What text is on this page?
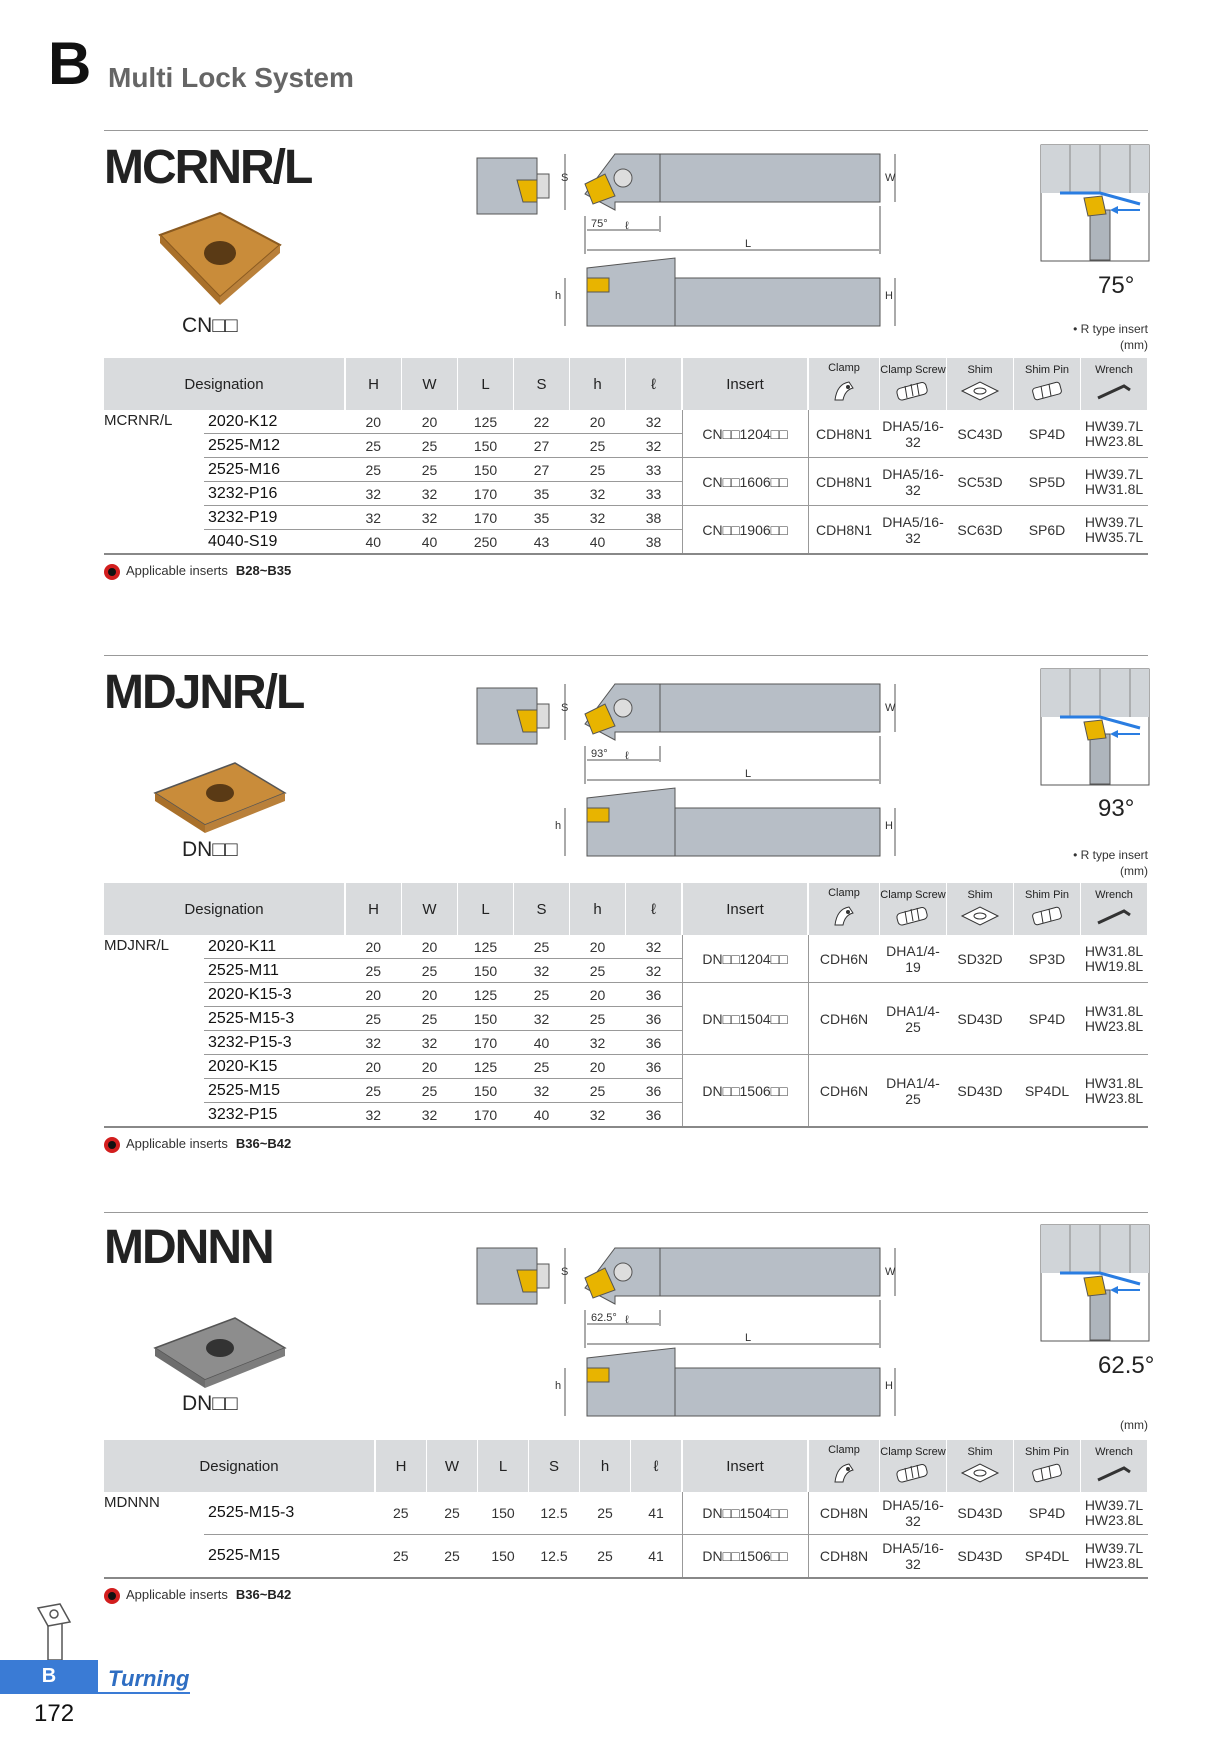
B Multi Lock System
MCRNR/L
CN□□
S	W
75° ℓ
L
h	H	75°
• R type insert
(mm)
Designation		H	W	L	S	h	ℓ	Insert	Clamp	Clamp Screw	Shim	Shim Pin	Wrench

MCRNR/L	2020-K12	20	20	125	22	20	32	CN□□1204□□	CDH8N1	DHA5/16-32	SC43D	SP4D	HW39.7L
HW23.8L

	2525-M12	25	25	150	27	25	32						
	2525-M16	25	25	150	27	25	33	CN□□1606□□	CDH8N1	DHA5/16-32	SC53D	SP5D	HW39.7L
HW31.8L

	3232-P16	32	32	170	35	32	33						
	3232-P19	32	32	170	35	32	38	CN□□1906□□	CDH8N1	DHA5/16-32	SC63D	SP6D	HW39.7L
HW35.7L

	4040-S19	40	40	250	43	40	38						
Applicable inserts B28~B35
MDJNR/L
DN□□
S	W
93° ℓ
L
h	H
93°
• R type insert
(mm)
Designation		H	W	L	S	h	ℓ	Insert	Clamp	Clamp Screw	Shim	Shim Pin	Wrench

MDJNR/L	2020-K11	20	20	125	25	20	32	DN□□1204□□	CDH6N	DHA1/4-19	SD32D	SP3D	HW31.8L
HW19.8L

	2525-M11	25	25	150	32	25	32						
	2020-K15-3	20	20	125	25	20	36	DN□□1504□□	CDH6N	DHA1/4-25	SD43D	SP4D	HW31.8L
HW23.8L

	2525-M15-3	25	25	150	32	25	36						
	3232-P15-3	32	32	170	40	32	36						
	2020-K15	20	20	125	25	20	36	DN□□1506□□	CDH6N	DHA1/4-25	SD43D	SP4DL	HW31.8L
HW23.8L

	2525-M15	25	25	150	32	25	36						
	3232-P15	32	32	170	40	32	36						
Applicable inserts B36~B42
MDNNN
DN□□
S	W
62.5° ℓ
L
h	H
62.5°
(mm)
Designation		H	W	L	S	h	ℓ	Insert	Clamp	Clamp Screw	Shim	Shim Pin	Wrench

MDNNN	2525-M15-3	25	25	150	12.5	25	41	DN□□1504□□	CDH8N	DHA5/16-32	SD43D	SP4D	HW39.7L
HW23.8L

	2525-M15	25	25	150	12.5	25	41	DN□□1506□□	CDH8N	DHA5/16-32	SD43D	SP4DL	HW39.7L
HW23.8L
Applicable inserts B36~B42
B	Turning
172
